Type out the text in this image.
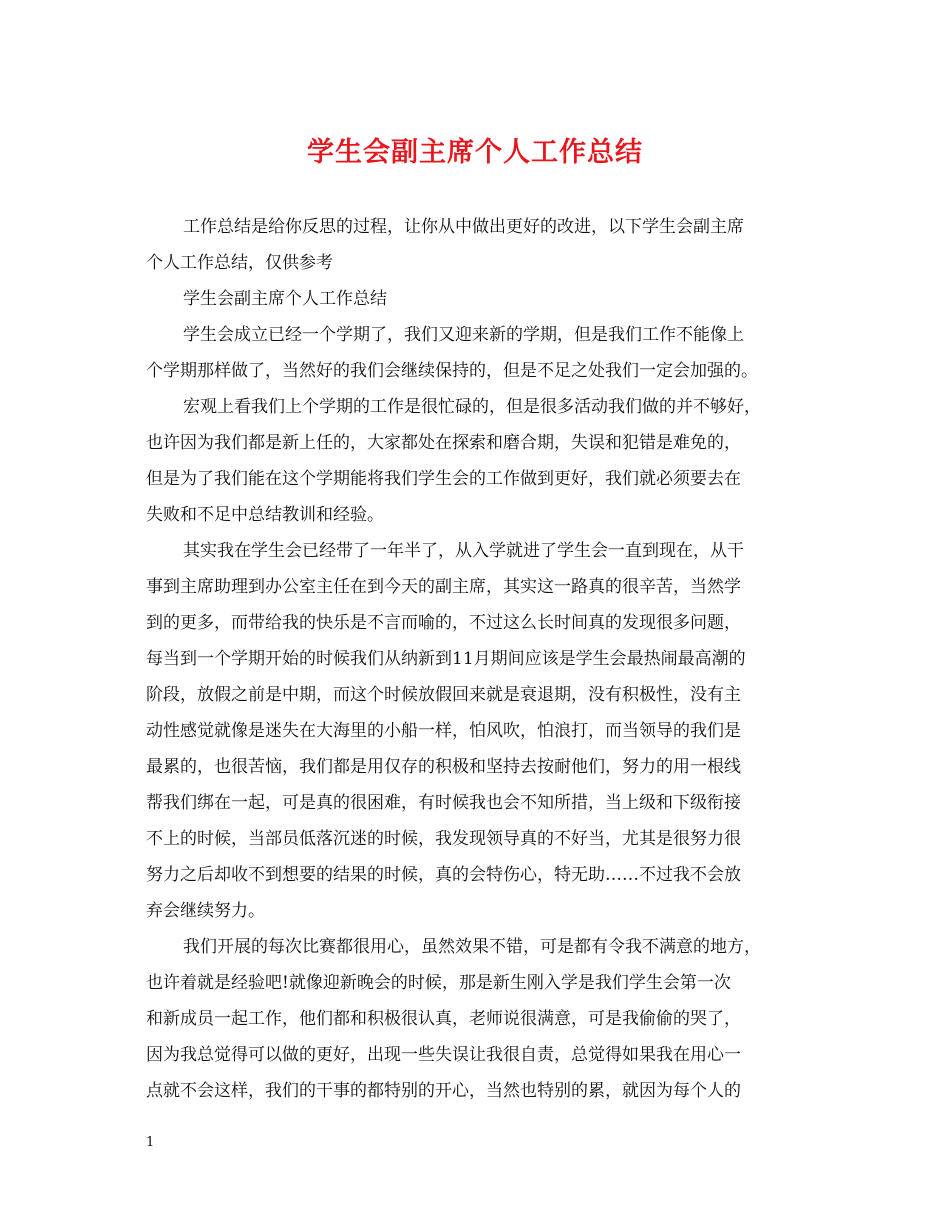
学生会副主席个人工作总结
工作总结是给你反思的过程，让你从中做出更好的改进，以下学生会副主席
个人工作总结，仅供参考
学生会副主席个人工作总结
学生会成立已经一个学期了，我们又迎来新的学期，但是我们工作不能像上
个学期那样做了，当然好的我们会继续保持的，但是不足之处我们一定会加强的。
宏观上看我们上个学期的工作是很忙碌的，但是很多活动我们做的并不够好，
也许因为我们都是新上任的，大家都处在探索和磨合期，失误和犯错是难免的，
但是为了我们能在这个学期能将我们学生会的工作做到更好，我们就必须要去在
失败和不足中总结教训和经验。
其实我在学生会已经带了一年半了，从入学就进了学生会一直到现在，从干
事到主席助理到办公室主任在到今天的副主席，其实这一路真的很辛苦，当然学
到的更多，而带给我的快乐是不言而喻的，不过这么长时间真的发现很多问题，
每当到一个学期开始的时候我们从纳新到11月期间应该是学生会最热闹最高潮的
阶段，放假之前是中期，而这个时候放假回来就是衰退期，没有积极性，没有主
动性感觉就像是迷失在大海里的小船一样，怕风吹，怕浪打，而当领导的我们是
最累的，也很苦恼，我们都是用仅存的积极和坚持去按耐他们，努力的用一根线
帮我们绑在一起，可是真的很困难，有时候我也会不知所措，当上级和下级衔接
不上的时候，当部员低落沉迷的时候，我发现领导真的不好当，尤其是很努力很
努力之后却收不到想要的结果的时候，真的会特伤心，特无助……不过我不会放
弃会继续努力。
我们开展的每次比赛都很用心，虽然效果不错，可是都有令我不满意的地方，
也许着就是经验吧!就像迎新晚会的时候，那是新生刚入学是我们学生会第一次
和新成员一起工作，他们都和积极很认真，老师说很满意，可是我偷偷的哭了，
因为我总觉得可以做的更好，出现一些失误让我很自责，总觉得如果我在用心一
点就不会这样，我们的干事的都特别的开心，当然也特别的累，就因为每个人的
1
